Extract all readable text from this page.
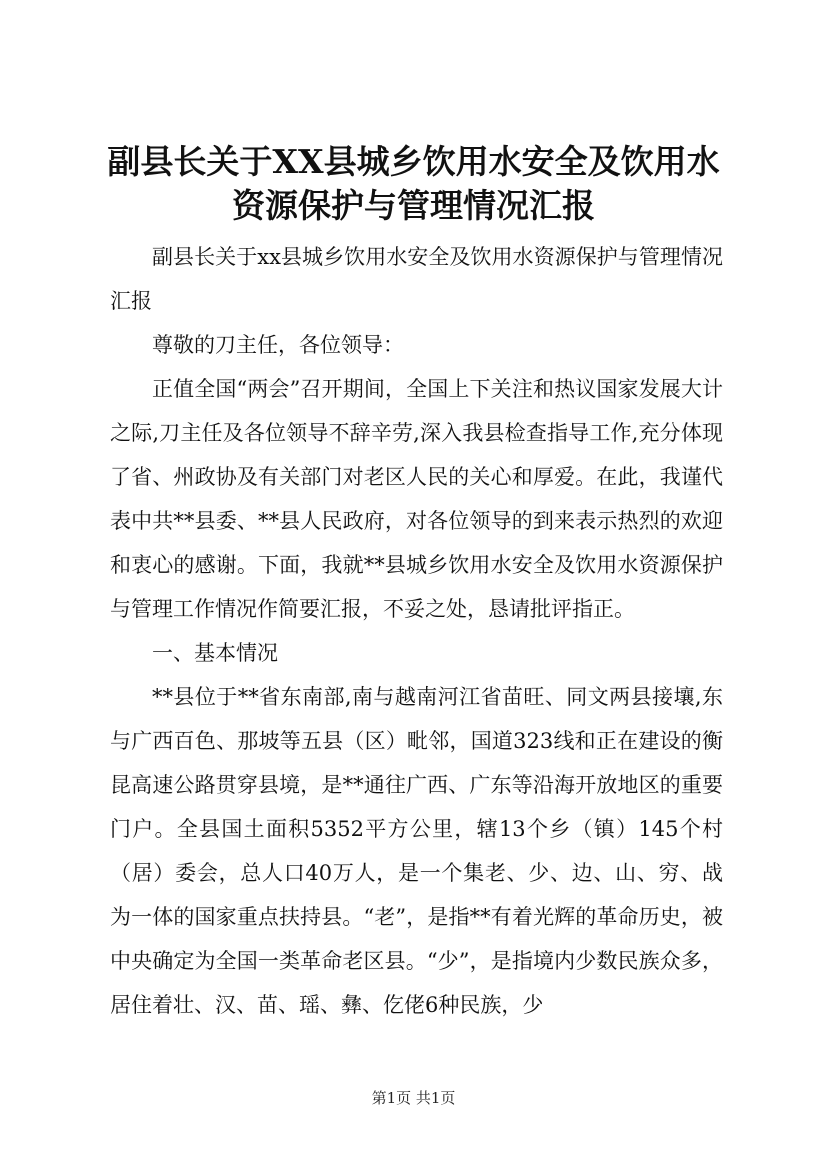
副县长关于XX县城乡饮用水安全及饮用水资源保护与管理情况汇报

副县长关于xx县城乡饮用水安全及饮用水资源保护与管理情况汇报

尊敬的刀主任，各位领导：

正值全国“两会”召开期间，全国上下关注和热议国家发展大计之际,刀主任及各位领导不辞辛劳,深入我县检查指导工作,充分体现了省、州政协及有关部门对老区人民的关心和厚爱。在此，我谨代表中共**县委、**县人民政府，对各位领导的到来表示热烈的欢迎和衷心的感谢。下面，我就**县城乡饮用水安全及饮用水资源保护与管理工作情况作简要汇报，不妥之处，恳请批评指正。

一、基本情况

**县位于**省东南部,南与越南河江省苗旺、同文两县接壤,东与广西百色、那坡等五县（区）毗邻，国道323线和正在建设的衡昆高速公路贯穿县境，是**通往广西、广东等沿海开放地区的重要门户。全县国土面积5352平方公里，辖13个乡（镇）145个村（居）委会，总人口40万人，是一个集老、少、边、山、穷、战为一体的国家重点扶持县。“老”，是指**有着光辉的革命历史，被中央确定为全国一类革命老区县。“少”，是指境内少数民族众多，居住着壮、汉、苗、瑶、彝、仡佬6种民族，少

第1页 共1页
